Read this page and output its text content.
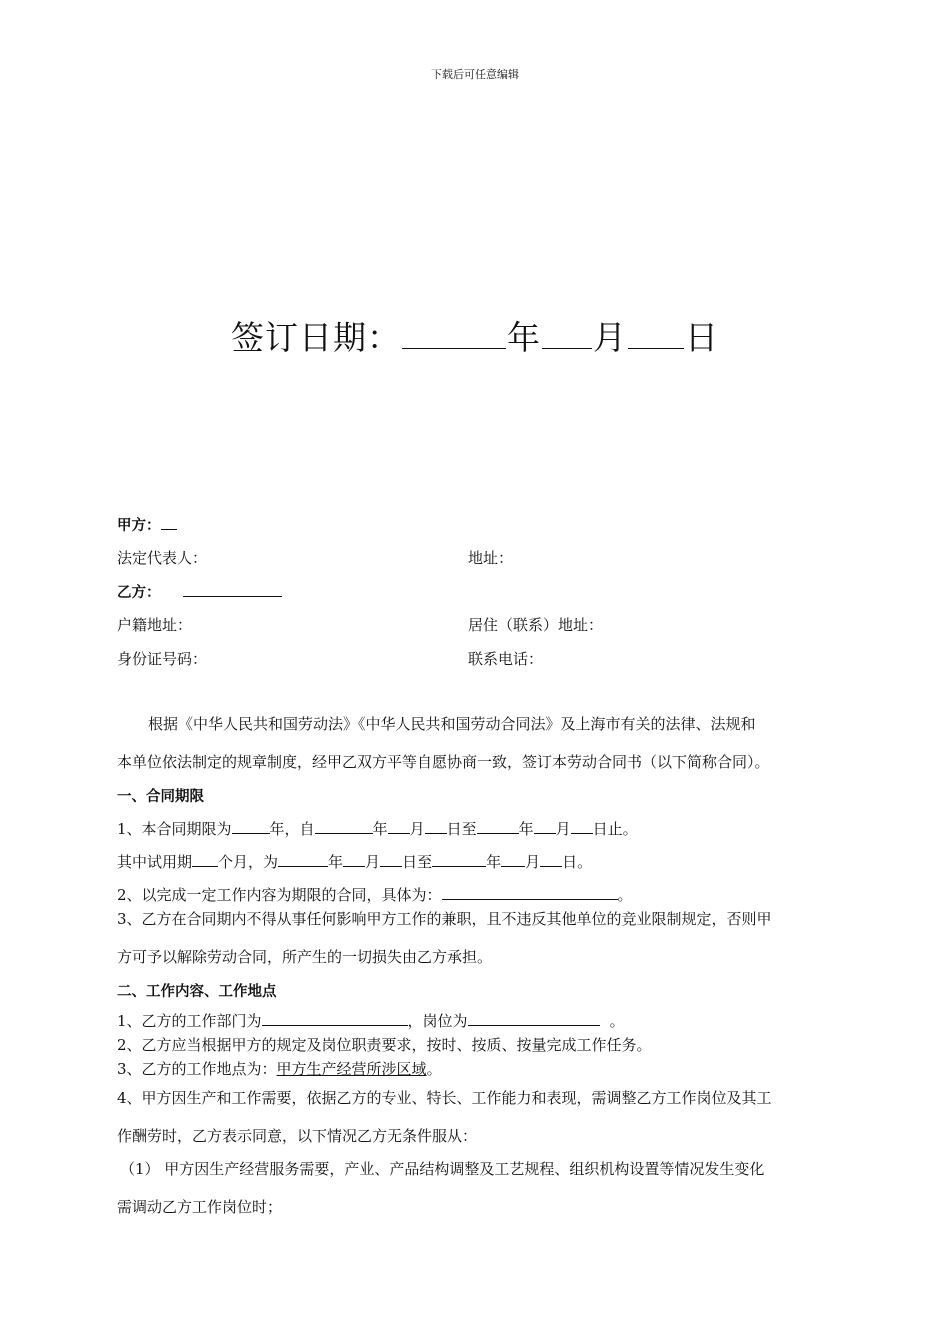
下载后可任意编辑
签订日期：	年 月 日
甲方：
法定代表人：	地址：
乙方：
户籍地址：	居住（联系）地址：
身份证号码：	联系电话：
根据《中华人民共和国劳动法》《中华人民共和国劳动合同法》及上海市有关的法律、法规和
本单位依法制定的规章制度，经甲乙双方平等自愿协商一致，签订本劳动合同书（以下简称合同）。
一、合同期限
1、本合同期限为	年，自	年 月 日至	年 月 日止。
其中试用期 个月，为	年 月 日至	年 月 日。
2、以完成一定工作内容为期限的合同，具体为：	。
3、乙方在合同期内不得从事任何影响甲方工作的兼职，且不违反其他单位的竞业限制规定，否则甲
方可予以解除劳动合同，所产生的一切损失由乙方承担。
二、工作内容、工作地点
1、乙方的工作部门为	，岗位为	。
2、乙方应当根据甲方的规定及岗位职责要求，按时、按质、按量完成工作任务。
3、乙方的工作地点为：甲方生产经营所涉区域。
4、甲方因生产和工作需要，依据乙方的专业、特长、工作能力和表现，需调整乙方工作岗位及其工
作酬劳时，乙方表示同意，以下情况乙方无条件服从：
（1） 甲方因生产经营服务需要，产业、产品结构调整及工艺规程、组织机构设置等情况发生变化
需调动乙方工作岗位时；
